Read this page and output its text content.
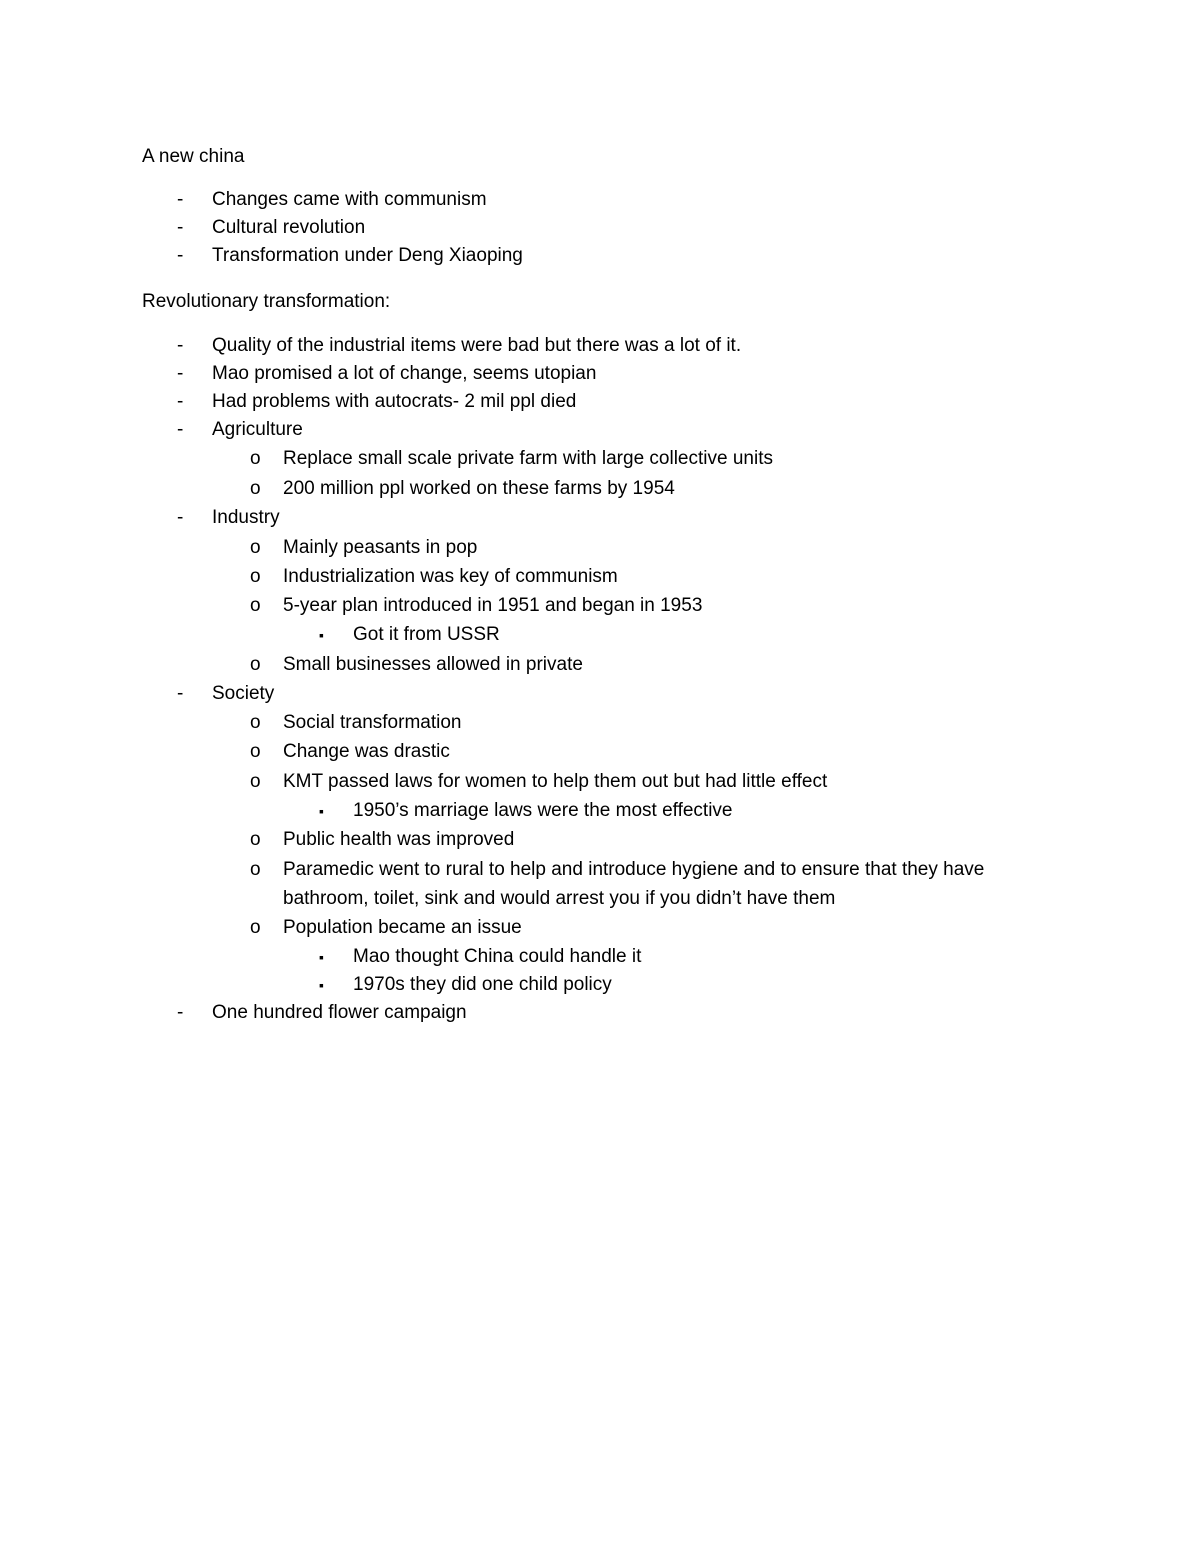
A new china
- Changes came with communism
- Cultural revolution
- Transformation under Deng Xiaoping
Revolutionary transformation:
- Quality of the industrial items were bad but there was a lot of it.
- Mao promised a lot of change, seems utopian
- Had problems with autocrats- 2 mil ppl died
- Agriculture
o Replace small scale private farm with large collective units
o 200 million ppl worked on these farms by 1954
- Industry
o Mainly peasants in pop
o Industrialization was key of communism
o 5-year plan introduced in 1951 and began in 1953
▪ Got it from USSR
o Small businesses allowed in private
- Society
o Social transformation
o Change was drastic
o KMT passed laws for women to help them out but had little effect
▪ 1950’s marriage laws were the most effective
o Public health was improved
o Paramedic went to rural to help and introduce hygiene and to ensure that they have bathroom, toilet, sink and would arrest you if you didn’t have them
o Population became an issue
▪ Mao thought China could handle it
▪ 1970s they did one child policy
- One hundred flower campaign
